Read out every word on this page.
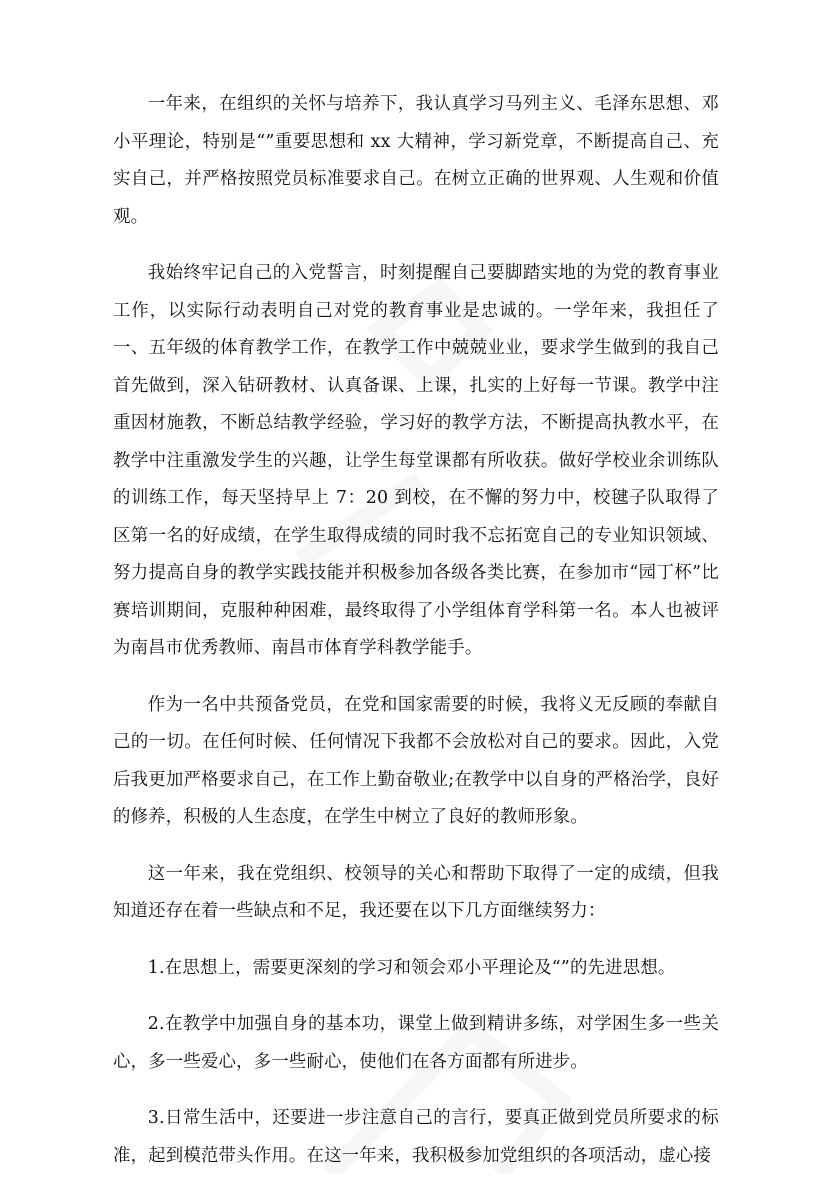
一年来，在组织的关怀与培养下，我认真学习马列主义、毛泽东思想、邓小平理论，特别是“”重要思想和 xx 大精神，学习新党章，不断提高自己、充实自己，并严格按照党员标准要求自己。在树立正确的世界观、人生观和价值观。

我始终牢记自己的入党誓言，时刻提醒自己要脚踏实地的为党的教育事业工作，以实际行动表明自己对党的教育事业是忠诚的。一学年来，我担任了一、五年级的体育教学工作，在教学工作中兢兢业业，要求学生做到的我自己首先做到，深入钻研教材、认真备课、上课，扎实的上好每一节课。教学中注重因材施教，不断总结教学经验，学习好的教学方法，不断提高执教水平，在教学中注重激发学生的兴趣，让学生每堂课都有所收获。做好学校业余训练队的训练工作，每天坚持早上 7：20 到校，在不懈的努力中，校毽子队取得了区第一名的好成绩，在学生取得成绩的同时我不忘拓宽自己的专业知识领域、努力提高自身的教学实践技能并积极参加各级各类比赛，在参加市“园丁杯”比赛培训期间，克服种种困难，最终取得了小学组体育学科第一名。本人也被评为南昌市优秀教师、南昌市体育学科教学能手。

作为一名中共预备党员，在党和国家需要的时候，我将义无反顾的奉献自己的一切。在任何时候、任何情况下我都不会放松对自己的要求。因此，入党后我更加严格要求自己，在工作上勤奋敬业;在教学中以自身的严格治学，良好的修养，积极的人生态度，在学生中树立了良好的教师形象。

这一年来，我在党组织、校领导的关心和帮助下取得了一定的成绩，但我知道还存在着一些缺点和不足，我还要在以下几方面继续努力：

1.在思想上，需要更深刻的学习和领会邓小平理论及“”的先进思想。

2.在教学中加强自身的基本功，课堂上做到精讲多练，对学困生多一些关心，多一些爱心，多一些耐心，使他们在各方面都有所进步。

3.日常生活中，还要进一步注意自己的言行，要真正做到党员所要求的标准，起到模范带头作用。在这一年来，我积极参加党组织的各项活动，虚心接
